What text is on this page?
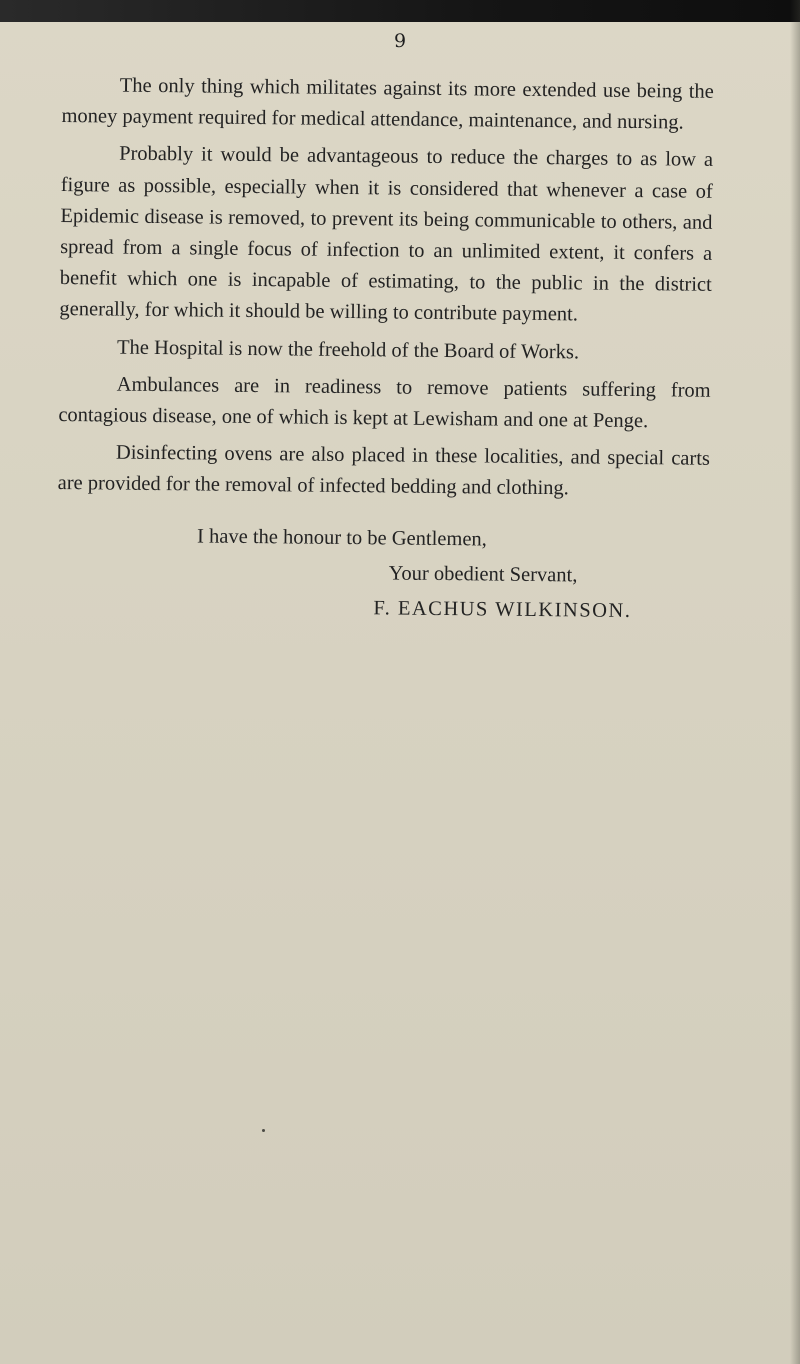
9

The only thing which militates against its more extended use being the money payment required for medical attendance, maintenance, and nursing.

Probably it would be advantageous to reduce the charges to as low a figure as possible, especially when it is considered that whenever a case of Epidemic disease is removed, to prevent its being communicable to others, and spread from a single focus of infection to an unlimited extent, it confers a benefit which one is incapable of estimating, to the public in the district generally, for which it should be willing to contribute payment.

The Hospital is now the freehold of the Board of Works.

Ambulances are in readiness to remove patients suffering from contagious disease, one of which is kept at Lewisham and one at Penge.

Disinfecting ovens are also placed in these localities, and special carts are provided for the removal of infected bedding and clothing.

I have the honour to be Gentlemen,
Your obedient Servant,
F. EACHUS WILKINSON.
